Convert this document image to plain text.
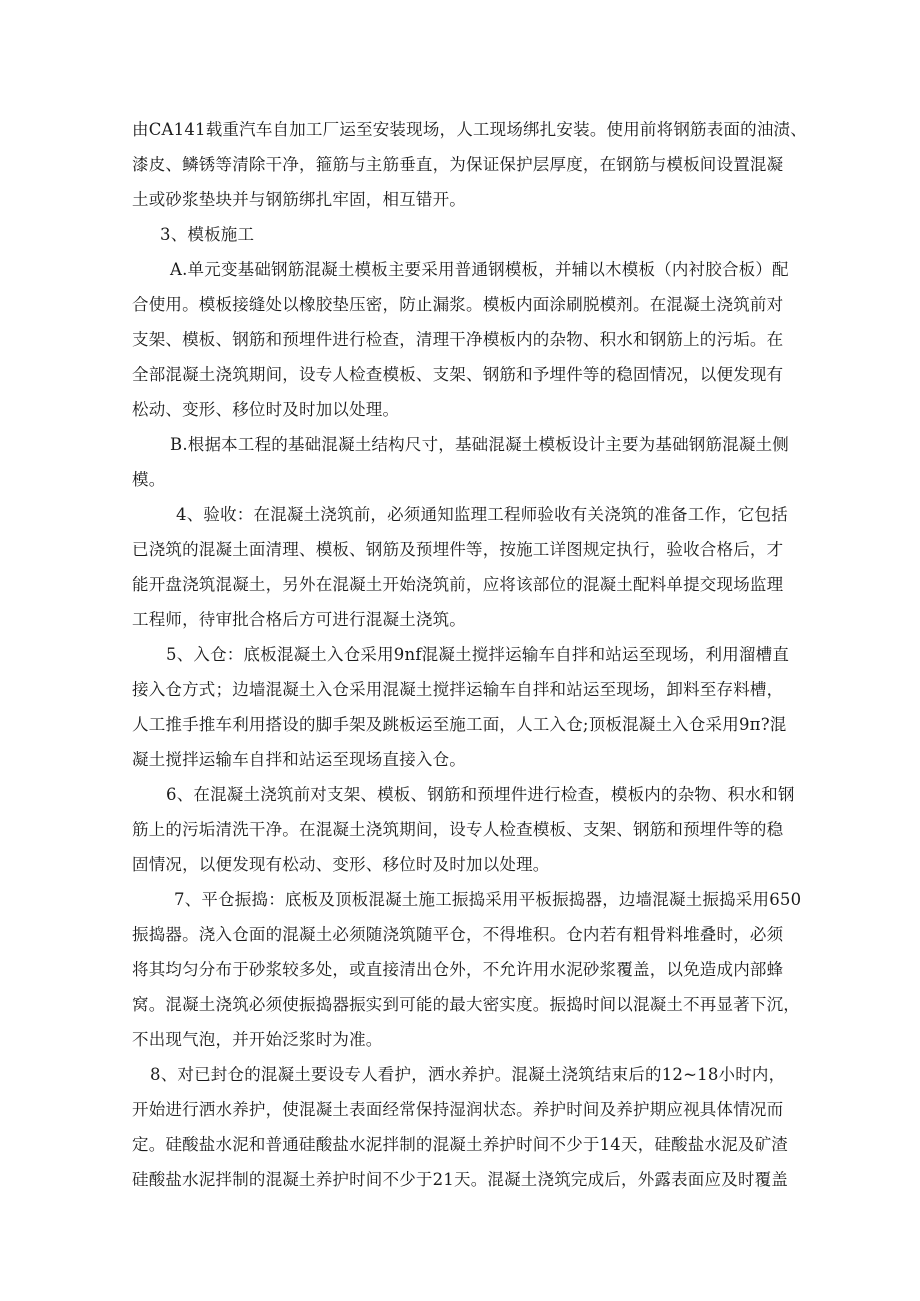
由CA141载重汽车自加工厂运至安装现场，人工现场绑扎安装。使用前将钢筋表面的油渍、
漆皮、鳞锈等清除干净，箍筋与主筋垂直，为保证保护层厚度，在钢筋与模板间设置混凝
土或砂浆垫块并与钢筋绑扎牢固，相互错开。
3、模板施工
A.单元变基础钢筋混凝土模板主要采用普通钢模板，并辅以木模板（内衬胶合板）配
合使用。模板接缝处以橡胶垫压密，防止漏浆。模板内面涂刷脱模剂。在混凝土浇筑前对
支架、模板、钢筋和预埋件进行检查，清理干净模板内的杂物、积水和钢筋上的污垢。在
全部混凝土浇筑期间，设专人检查模板、支架、钢筋和予埋件等的稳固情况，以便发现有
松动、变形、移位时及时加以处理。
B.根据本工程的基础混凝土结构尺寸，基础混凝土模板设计主要为基础钢筋混凝土侧
模。
4、验收：在混凝土浇筑前，必须通知监理工程师验收有关浇筑的准备工作，它包括
已浇筑的混凝土面清理、模板、钢筋及预埋件等，按施工详图规定执行，验收合格后，才
能开盘浇筑混凝土，另外在混凝土开始浇筑前，应将该部位的混凝土配料单提交现场监理
工程师，待审批合格后方可进行混凝土浇筑。
5、入仓：底板混凝土入仓采用9nf混凝土搅拌运输车自拌和站运至现场，利用溜槽直
接入仓方式；边墙混凝土入仓采用混凝土搅拌运输车自拌和站运至现场，卸料至存料槽，
人工推手推车利用搭设的脚手架及跳板运至施工面，人工入仓;顶板混凝土入仓采用9π?混
凝土搅拌运输车自拌和站运至现场直接入仓。
6、在混凝土浇筑前对支架、模板、钢筋和预埋件进行检查，模板内的杂物、积水和钢
筋上的污垢清洗干净。在混凝土浇筑期间，设专人检查模板、支架、钢筋和预埋件等的稳
固情况，以便发现有松动、变形、移位时及时加以处理。
7、平仓振捣：底板及顶板混凝土施工振捣采用平板振捣器，边墙混凝土振捣采用650
振捣器。浇入仓面的混凝土必须随浇筑随平仓，不得堆积。仓内若有粗骨料堆叠时，必须
将其均匀分布于砂浆较多处，或直接清出仓外，不允许用水泥砂浆覆盖，以免造成内部蜂
窝。混凝土浇筑必须使振捣器振实到可能的最大密实度。振捣时间以混凝土不再显著下沉，
不出现气泡，并开始泛浆时为准。
8、对已封仓的混凝土要设专人看护，洒水养护。混凝土浇筑结束后的12~18小时内，
开始进行洒水养护，使混凝土表面经常保持湿润状态。养护时间及养护期应视具体情况而
定。硅酸盐水泥和普通硅酸盐水泥拌制的混凝土养护时间不少于14天，硅酸盐水泥及矿渣
硅酸盐水泥拌制的混凝土养护时间不少于21天。混凝土浇筑完成后，外露表面应及时覆盖
